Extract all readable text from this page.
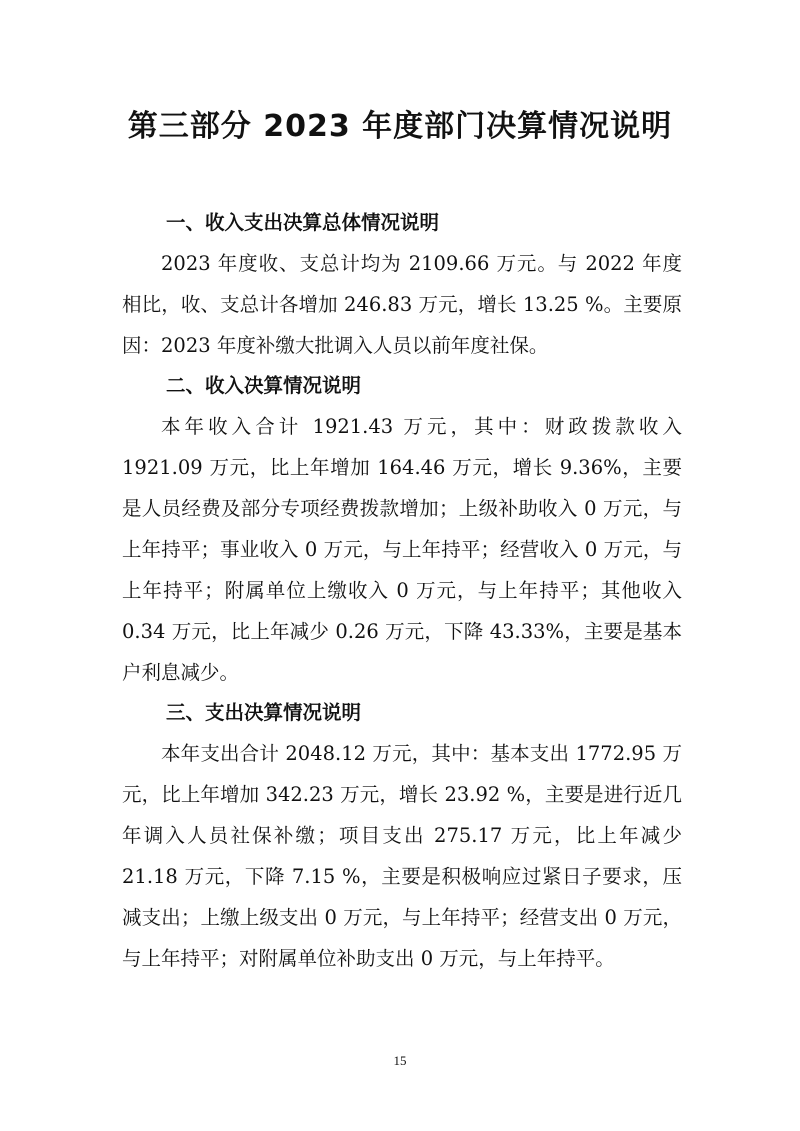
第三部分 2023 年度部门决算情况说明
一、收入支出决算总体情况说明

2023 年度收、支总计均为 2109.66 万元。与 2022 年度相比，收、支总计各增加 246.83 万元，增长 13.25 %。主要原因：2023 年度补缴大批调入人员以前年度社保。

二、收入决算情况说明

本年收入合计 1921.43 万元，其中：财政拨款收入 1921.09 万元，比上年增加 164.46 万元，增长 9.36%，主要是人员经费及部分专项经费拨款增加；上级补助收入 0 万元，与上年持平；事业收入 0 万元，与上年持平；经营收入 0 万元，与上年持平；附属单位上缴收入 0 万元，与上年持平；其他收入 0.34 万元，比上年减少 0.26 万元，下降 43.33%，主要是基本户利息减少。

三、支出决算情况说明

本年支出合计 2048.12 万元，其中：基本支出 1772.95 万元，比上年增加 342.23 万元，增长 23.92 %，主要是进行近几年调入人员社保补缴；项目支出 275.17 万元，比上年减少 21.18 万元，下降 7.15 %，主要是积极响应过紧日子要求，压减支出；上缴上级支出 0 万元，与上年持平；经营支出 0 万元，与上年持平；对附属单位补助支出 0 万元，与上年持平。

15
